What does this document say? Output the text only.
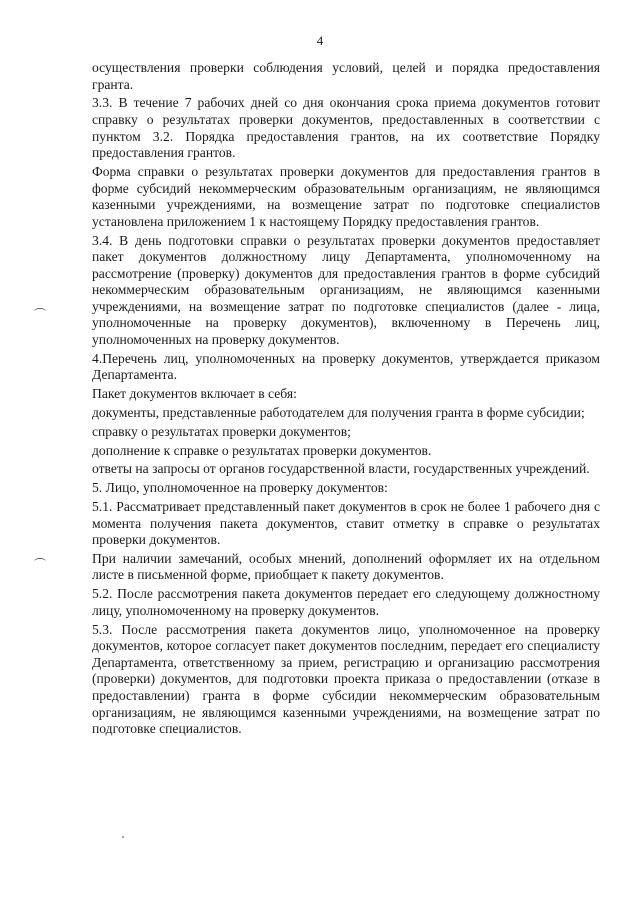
4

осуществления проверки соблюдения условий, целей и порядка предоставления гранта.

3.3. В течение 7 рабочих дней со дня окончания срока приема документов готовит справку о результатах проверки документов, предоставленных в соответствии с пунктом 3.2. Порядка предоставления грантов, на их соответствие Порядку предоставления грантов.

Форма справки о результатах проверки документов для предоставления грантов в форме субсидий некоммерческим образовательным организациям, не являющимся казенными учреждениями, на возмещение затрат по подготовке специалистов установлена приложением 1 к настоящему Порядку предоставления грантов.

3.4. В день подготовки справки о результатах проверки документов предоставляет пакет документов должностному лицу Департамента, уполномоченному на рассмотрение (проверку) документов для предоставления грантов в форме субсидий некоммерческим образовательным организациям, не являющимся казенными учреждениями, на возмещение затрат по подготовке специалистов (далее - лица, уполномоченные на проверку документов), включенному в Перечень лиц, уполномоченных на проверку документов.

4.Перечень лиц, уполномоченных на проверку документов, утверждается приказом Департамента.

Пакет документов включает в себя:

документы, представленные работодателем для получения гранта в форме субсидии;

справку о результатах проверки документов;

дополнение к справке о результатах проверки документов.

ответы на запросы от органов государственной власти, государственных учреждений.

5. Лицо, уполномоченное на проверку документов:

5.1. Рассматривает представленный пакет документов в срок не более 1 рабочего дня с момента получения пакета документов, ставит отметку в справке о результатах проверки документов.

При наличии замечаний, особых мнений, дополнений оформляет их на отдельном листе в письменной форме, приобщает к пакету документов.

5.2. После рассмотрения пакета документов передает его следующему должностному лицу, уполномоченному на проверку документов.

5.3. После рассмотрения пакета документов лицо, уполномоченное на проверку документов, которое согласует пакет документов последним, передает его специалисту Департамента, ответственному за прием, регистрацию и организацию рассмотрения (проверки) документов, для подготовки проекта приказа о предоставлении (отказе в предоставлении) гранта в форме субсидии некоммерческим образовательным организациям, не являющимся казенными учреждениями, на возмещение затрат по подготовке специалистов.
